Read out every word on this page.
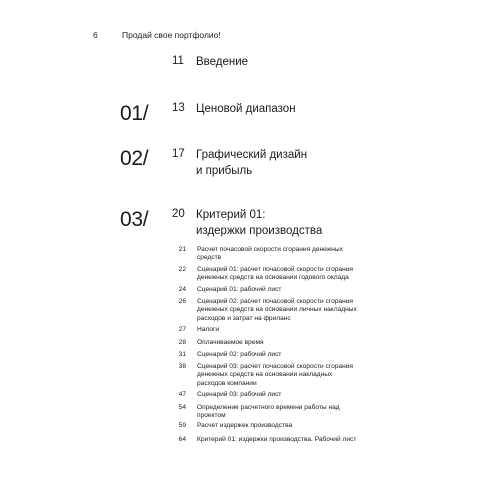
6	Продай свое портфолио!
11 Введение
01/ 13 Ценовой диапазон
02/ 17 Графический дизайн
и прибыль
03/ 20 Критерий 01:
издержки производства
21 Расчет почасовой скорости сгорания денежных
средств
22 Сценарий 01: расчет почасовой скорости сгорания
денежных средств на основании годового оклада
24 Сценарий 01: рабочий лист
26 Сценарий 02: расчет почасовой скорости сгорания
денежных средств на основании личных накладных
расходов и затрат на фриланс
27 Налоги
28 Оплачиваемое время
31 Сценарий 02: рабочий лист
38 Сценарий 03: расчет почасовой скорости сгорания
денежных средств на основании накладных
расходов компании
47 Сценарий 03: рабочий лист
54 Определение расчетного времени работы над
проектом
59 Расчет издержек производства
64 Критерий 01: издержки производства. Рабочий лист
